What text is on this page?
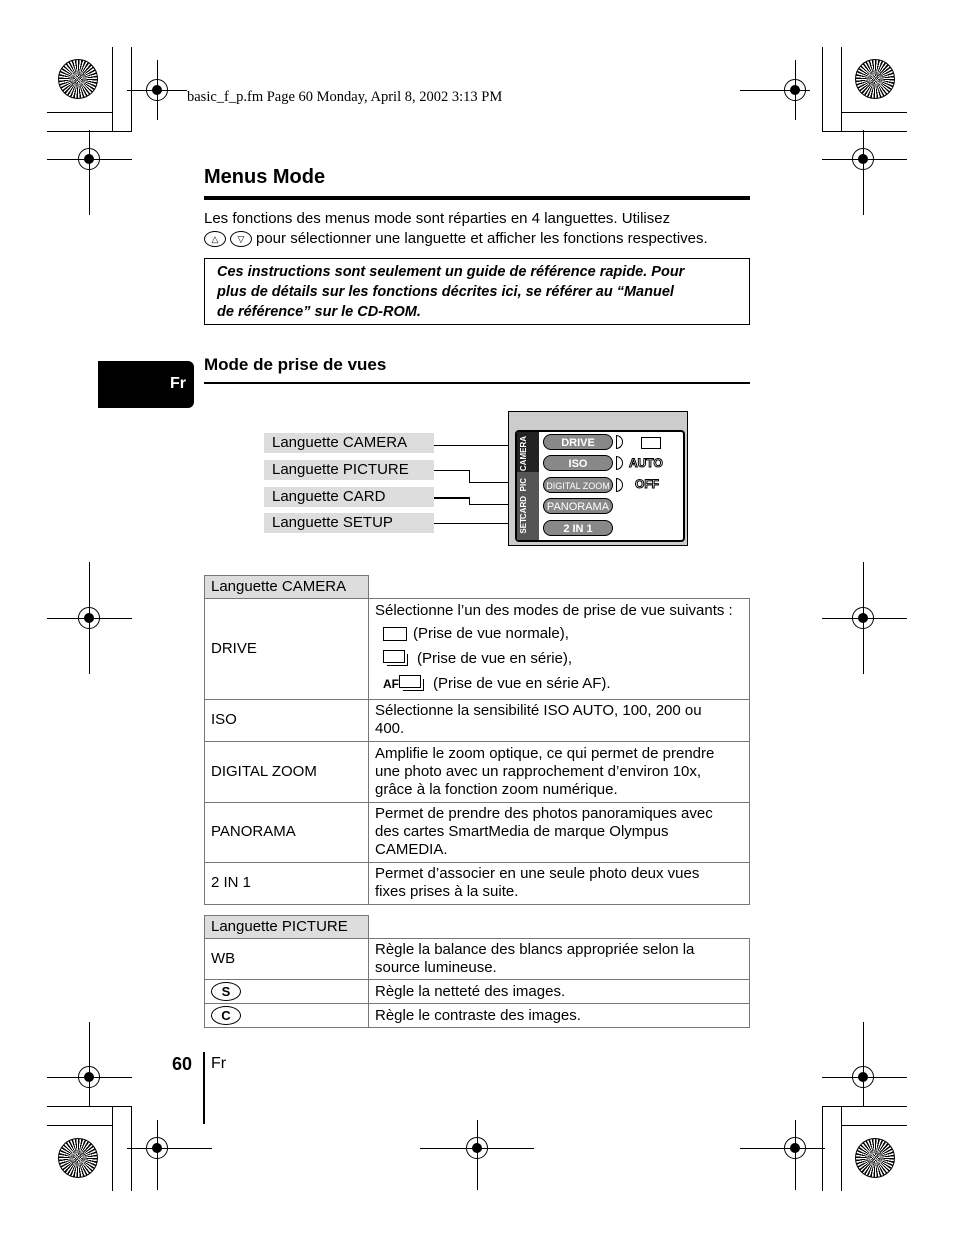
basic_f_p.fm Page 60 Monday, April 8, 2002 3:13 PM
Menus Mode
Les fonctions des menus mode sont réparties en 4 languettes. Utilisez
△	▽ pour sélectionner une languette et afficher les fonctions respectives.
Ces instructions sont seulement un guide de référence rapide. Pour
plus de détails sur les fonctions décrites ici, se référer au “Manuel
de référence” sur le CD-ROM.
Fr
Mode de prise de vues
Languette CAMERA
Languette PICTURE
Languette CARD
Languette SETUP
CAMERA
PIC
CARD
SET
DRIVE
ISO	AUTO
DIGITAL ZOOM OFF
PANORAMA
2 IN 1
Languette CAMERA	
DRIVE	Sélectionne l’un des modes de prise de vue suivants :
(Prise de vue normale),
(Prise de vue en série),
AF (Prise de vue en série AF).

ISO	Sélectionne la sensibilité ISO AUTO, 100, 200 ou
400.

DIGITAL ZOOM	Amplifie le zoom optique, ce qui permet de prendre
une photo avec un rapprochement d’environ 10x,
grâce à la fonction zoom numérique.

PANORAMA	Permet de prendre des photos panoramiques avec
des cartes SmartMedia de marque Olympus
CAMEDIA.

2 IN 1	Permet d’associer en une seule photo deux vues
fixes prises à la suite.
Languette PICTURE	
WB	Règle la balance des blancs appropriée selon la
source lumineuse.

S	Règle la netteté des images.
C	Règle le contraste des images.
60 Fr
